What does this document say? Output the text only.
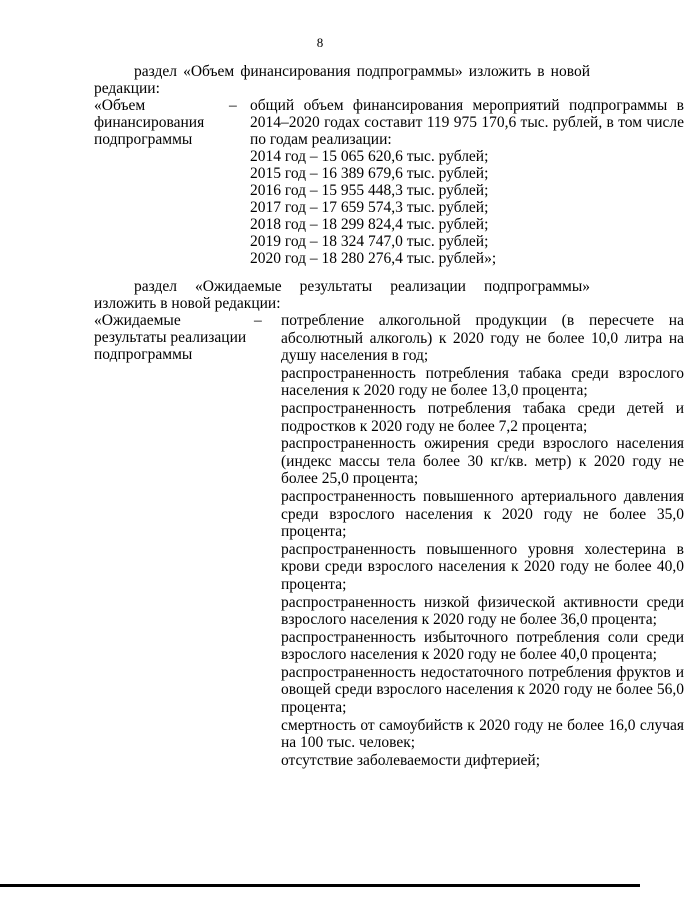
8
раздел «Объем финансирования подпрограммы» изложить в новой редакции:
«Объем финансирования подпрограммы
– общий объем финансирования мероприятий подпрограммы в 2014–2020 годах составит 119 975 170,6 тыс. рублей, в том числе по годам реализации:
2014 год – 15 065 620,6 тыс. рублей;
2015 год – 16 389 679,6 тыс. рублей;
2016 год – 15 955 448,3 тыс. рублей;
2017 год – 17 659 574,3 тыс. рублей;
2018 год – 18 299 824,4 тыс. рублей;
2019 год – 18 324 747,0 тыс. рублей;
2020 год – 18 280 276,4 тыс. рублей»;
раздел «Ожидаемые результаты реализации подпрограммы» изложить в новой редакции:
«Ожидаемые результаты реализации подпрограммы
– потребление алкогольной продукции (в пересчете на абсолютный алкоголь) к 2020 году не более 10,0 литра на душу населения в год;
распространенность потребления табака среди взрослого населения к 2020 году не более 13,0 процента;
распространенность потребления табака среди детей и подростков к 2020 году не более 7,2 процента;
распространенность ожирения среди взрослого населения (индекс массы тела более 30 кг/кв. метр) к 2020 году не более 25,0 процента;
распространенность повышенного артериального давления среди взрослого населения к 2020 году не более 35,0 процента;
распространенность повышенного уровня холестерина в крови среди взрослого населения к 2020 году не более 40,0 процента;
распространенность низкой физической активности среди взрослого населения к 2020 году не более 36,0 процента;
распространенность избыточного потребления соли среди взрослого населения к 2020 году не более 40,0 процента;
распространенность недостаточного потребления фруктов и овощей среди взрослого населения к 2020 году не более 56,0 процента;
смертность от самоубийств к 2020 году не более 16,0 случая на 100 тыс. человек;
отсутствие заболеваемости дифтерией;
